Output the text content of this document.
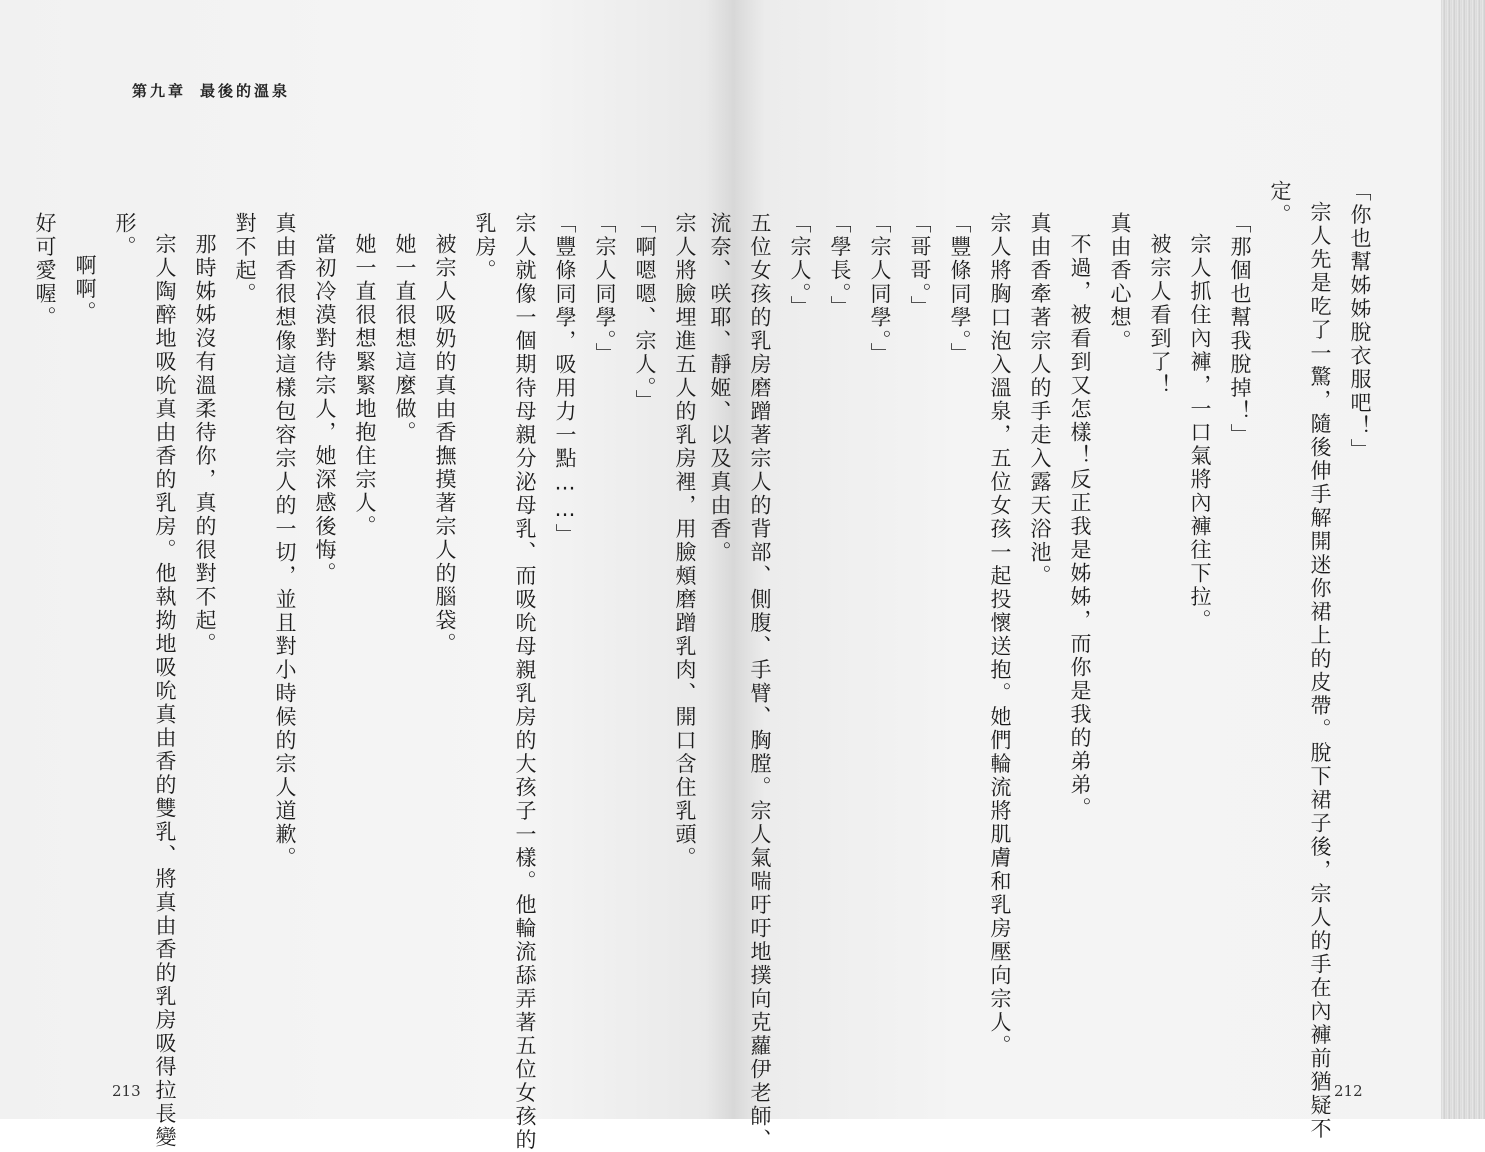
第九章 最後的溫泉
宗人將臉埋進五人的乳房裡，用臉頰磨蹭乳肉、開口含住乳頭。
「啊嗯嗯、宗人。」
「宗人同學。」
「豐條同學，吸用力一點……」
宗人就像一個期待母親分泌母乳、而吸吮母親乳房的大孩子一樣。他輪流舔弄著五位女孩的
乳房。
被宗人吸奶的真由香撫摸著宗人的腦袋。
她一直很想這麼做。
她一直很想緊緊地抱住宗人。
當初冷漠對待宗人，她深感後悔。
真由香很想像這樣包容宗人的一切，並且對小時候的宗人道歉。
對不起。
那時姊姊沒有溫柔待你，真的很對不起。
宗人陶醉地吸吮真由香的乳房。他執拗地吸吮真由香的雙乳、將真由香的乳房吸得拉長變
形。
啊啊。
好可愛喔。
213
「你也幫姊姊脫衣服吧！」
宗人先是吃了一驚，隨後伸手解開迷你裙上的皮帶。脫下裙子後，宗人的手在內褲前猶疑不
定。
「那個也幫我脫掉！」
宗人抓住內褲，一口氣將內褲往下拉。
被宗人看到了！
真由香心想。
不過，被看到又怎樣！反正我是姊姊，而你是我的弟弟。
真由香牽著宗人的手走入露天浴池。
宗人將胸口泡入溫泉，五位女孩一起投懷送抱。她們輪流將肌膚和乳房壓向宗人。
「豐條同學。」
「哥哥。」
「宗人同學。」
「學長。」
「宗人。」
五位女孩的乳房磨蹭著宗人的背部、側腹、手臂、胸膛。宗人氣喘吁吁地撲向克蘿伊老師、
流奈、咲耶、靜姬、以及真由香。
212
